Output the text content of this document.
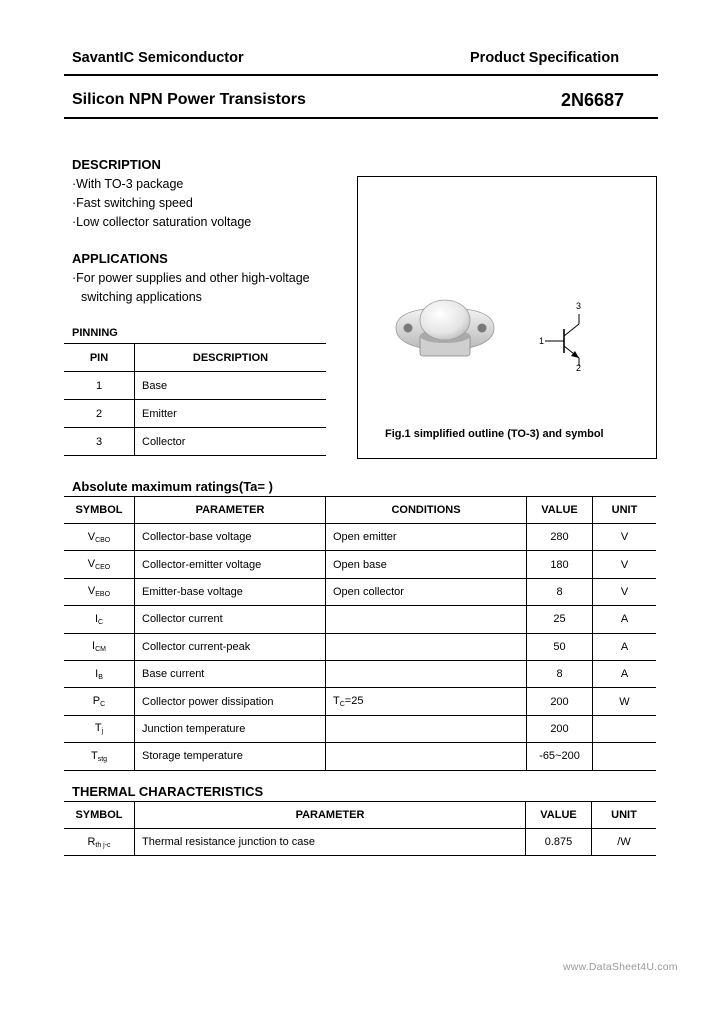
SavantIC Semiconductor	Product Specification
Silicon NPN Power Transistors	2N6687
DESCRIPTION
·With TO-3 package
·Fast switching speed
·Low collector saturation voltage
APPLICATIONS
·For power supplies and other high-voltage
switching applications
PINNING
PIN	DESCRIPTION
1	Base
2	Emitter
3	Collector
1
2
3
Fig.1 simplified outline (TO-3) and symbol
Absolute maximum ratings(Ta= )
SYMBOL	PARAMETER	CONDITIONS	VALUE	UNIT
$V_{CBO}$	Collector-base voltage	Open emitter	280	V
$V_{CEO}$	Collector-emitter voltage	Open base	180	V
$V_{EBO}$	Emitter-base voltage	Open collector	8	V
$I_C$	Collector current		25	A
$I_{CM}$	Collector current-peak		50	A
$I_B$	Base current		8	A
$P_C$	Collector power dissipation	$T_C=25$	200	W
$T_j$	Junction temperature		200	
$T_{stg}$	Storage temperature		-65~200	
THERMAL CHARACTERISTICS
SYMBOL	PARAMETER	VALUE	UNIT
$R_{th j-c}$	Thermal resistance junction to case	0.875	/W
www.DataSheet4U.com
